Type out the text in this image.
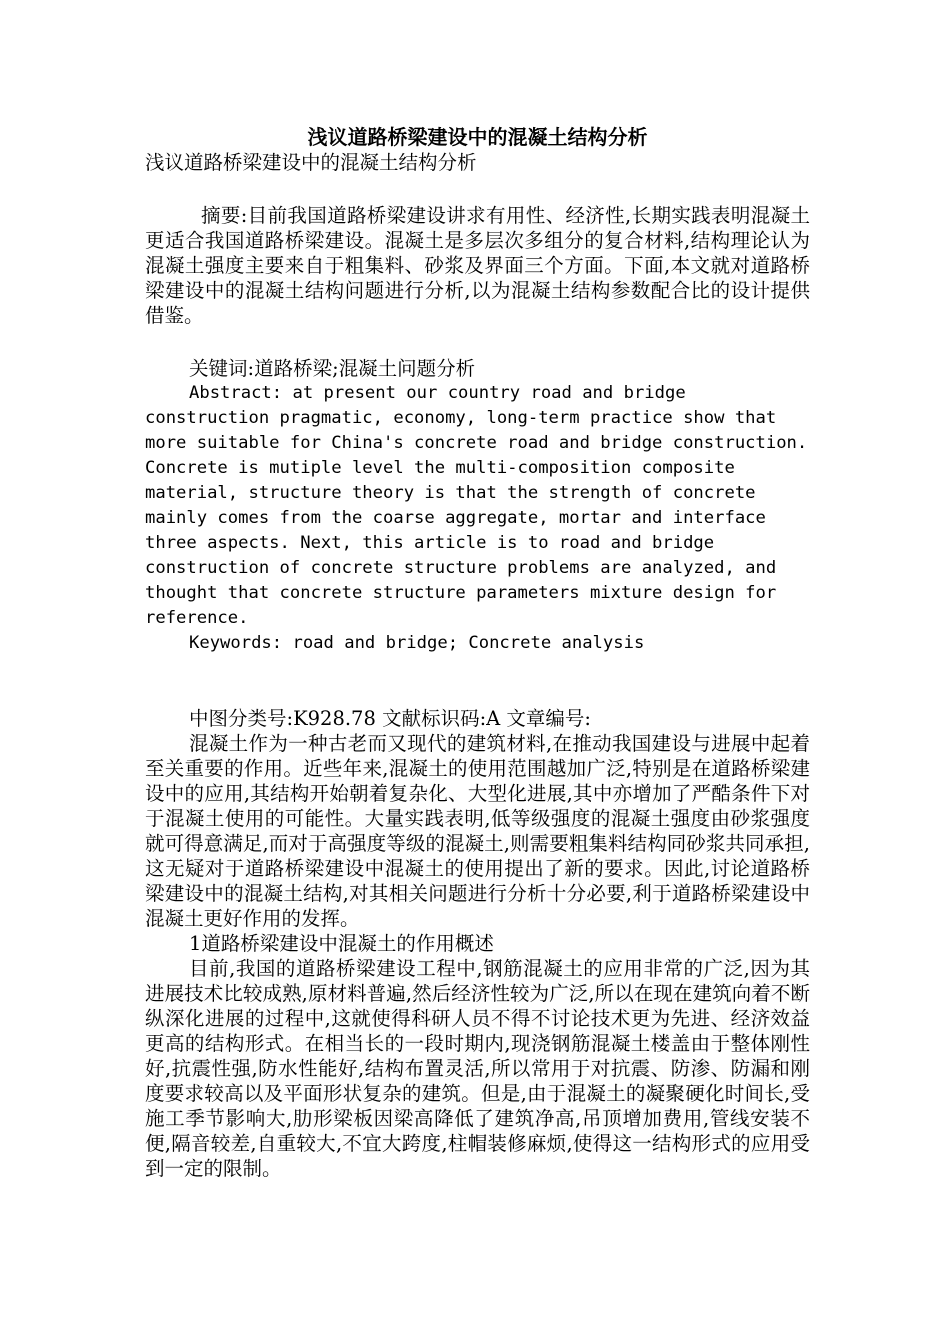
浅议道路桥梁建设中的混凝土结构分析

浅议道路桥梁建设中的混凝土结构分析

摘要:目前我国道路桥梁建设讲求有用性、经济性,长期实践表明混凝土更适合我国道路桥梁建设。混凝土是多层次多组分的复合材料,结构理论认为混凝土强度主要来自于粗集料、砂浆及界面三个方面。下面,本文就对道路桥梁建设中的混凝土结构问题进行分析,以为混凝土结构参数配合比的设计提供借鉴。

关键词:道路桥梁;混凝土问题分析

Abstract: at present our country road and bridge construction pragmatic, economy, long-term practice show that more suitable for China's concrete road and bridge construction. Concrete is mutiple level the multi-composition composite material, structure theory is that the strength of concrete mainly comes from the coarse aggregate, mortar and interface three aspects. Next, this article is to road and bridge construction of concrete structure problems are analyzed, and thought that concrete structure parameters mixture design for reference.

Keywords: road and bridge; Concrete analysis

中图分类号:K928.78 文献标识码:A 文章编号:

混凝土作为一种古老而又现代的建筑材料,在推动我国建设与进展中起着至关重要的作用。近些年来,混凝土的使用范围越加广泛,特别是在道路桥梁建设中的应用,其结构开始朝着复杂化、大型化进展,其中亦增加了严酷条件下对于混凝土使用的可能性。大量实践表明,低等级强度的混凝土强度由砂浆强度就可得意满足,而对于高强度等级的混凝土,则需要粗集料结构同砂浆共同承担,这无疑对于道路桥梁建设中混凝土的使用提出了新的要求。因此,讨论道路桥梁建设中的混凝土结构,对其相关问题进行分析十分必要,利于道路桥梁建设中混凝土更好作用的发挥。

1道路桥梁建设中混凝土的作用概述

目前,我国的道路桥梁建设工程中,钢筋混凝土的应用非常的广泛,因为其进展技术比较成熟,原材料普遍,然后经济性较为广泛,所以在现在建筑向着不断纵深化进展的过程中,这就使得科研人员不得不讨论技术更为先进、经济效益更高的结构形式。在相当长的一段时期内,现浇钢筋混凝土楼盖由于整体刚性好,抗震性强,防水性能好,结构布置灵活,所以常用于对抗震、防渗、防漏和刚度要求较高以及平面形状复杂的建筑。但是,由于混凝土的凝聚硬化时间长,受施工季节影响大,肋形梁板因梁高降低了建筑净高,吊顶增加费用,管线安装不便,隔音较差,自重较大,不宜大跨度,柱帽装修麻烦,使得这一结构形式的应用受到一定的限制。
